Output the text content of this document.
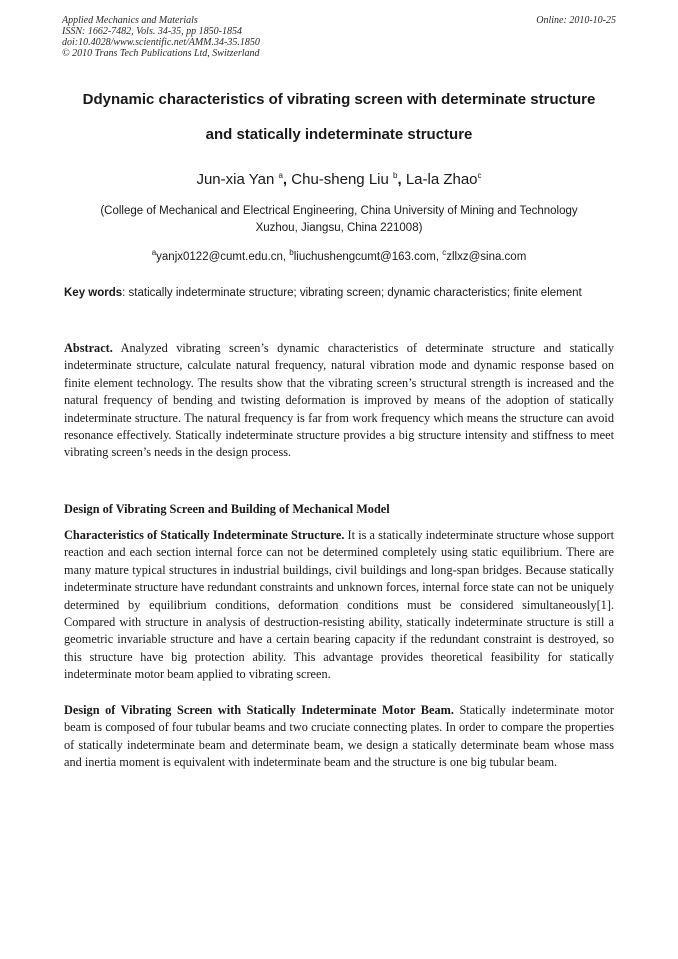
Applied Mechanics and Materials
ISSN: 1662-7482, Vols. 34-35, pp 1850-1854
doi:10.4028/www.scientific.net/AMM.34-35.1850
© 2010 Trans Tech Publications Ltd, Switzerland
Online: 2010-10-25
Ddynamic characteristics of vibrating screen with determinate structure
and statically indeterminate structure
Jun-xia Yan $^a$, Chu-sheng Liu $^b$, La-la Zhao$^c$
(College of Mechanical and Electrical Engineering, China University of Mining and Technology
Xuzhou, Jiangsu, China 221008)
$^a$yanjx0122@cumt.edu.cn, $^b$liuchushengcumt@163.com, $^c$zllxz@sina.com
Key words: statically indeterminate structure; vibrating screen; dynamic characteristics; finite element
Abstract. Analyzed vibrating screen’s dynamic characteristics of determinate structure and statically indeterminate structure, calculate natural frequency, natural vibration mode and dynamic response based on finite element technology. The results show that the vibrating screen’s structural strength is increased and the natural frequency of bending and twisting deformation is improved by means of the adoption of statically indeterminate structure. The natural frequency is far from work frequency which means the structure can avoid resonance effectively. Statically indeterminate structure provides a big structure intensity and stiffness to meet vibrating screen’s needs in the design process.
Design of Vibrating Screen and Building of Mechanical Model
Characteristics of Statically Indeterminate Structure. It is a statically indeterminate structure whose support reaction and each section internal force can not be determined completely using static equilibrium. There are many mature typical structures in industrial buildings, civil buildings and long-span bridges. Because statically indeterminate structure have redundant constraints and unknown forces, internal force state can not be uniquely determined by equilibrium conditions, deformation conditions must be considered simultaneously[1]. Compared with structure in analysis of destruction-resisting ability, statically indeterminate structure is still a geometric invariable structure and have a certain bearing capacity if the redundant constraint is destroyed, so this structure have big protection ability. This advantage provides theoretical feasibility for statically indeterminate motor beam applied to vibrating screen.
Design of Vibrating Screen with Statically Indeterminate Motor Beam. Statically indeterminate motor beam is composed of four tubular beams and two cruciate connecting plates. In order to compare the properties of statically indeterminate beam and determinate beam, we design a statically determinate beam whose mass and inertia moment is equivalent with indeterminate beam and the structure is one big tubular beam.
